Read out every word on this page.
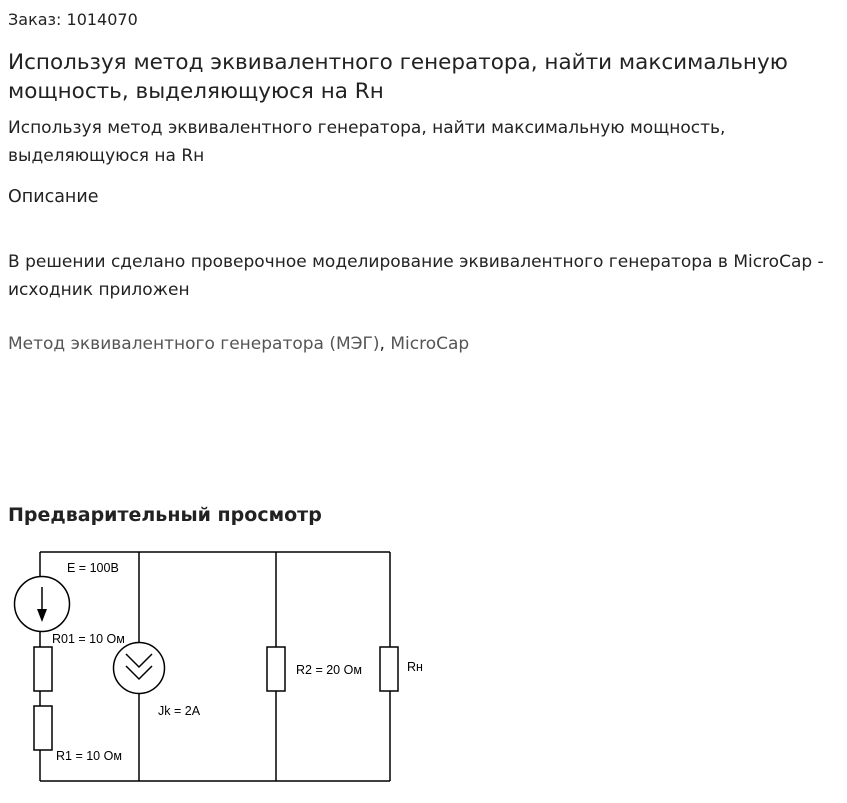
Заказ: 1014070
Используя метод эквивалентного генератора, найти максимальную мощность, выделяющуюся на Rн
Используя метод эквивалентного генератора, найти максимальную мощность, выделяющуюся на Rн
Описание
В решении сделано проверочное моделирование эквивалентного генератора в MicroCap - исходник приложен
Метод эквивалентного генератора (МЭГ), MicroCap
Предварительный просмотр
E = 100В
R01 = 10 Ом
R1 = 10 Ом
Jk = 2A
R2 = 20 Ом	Rн
